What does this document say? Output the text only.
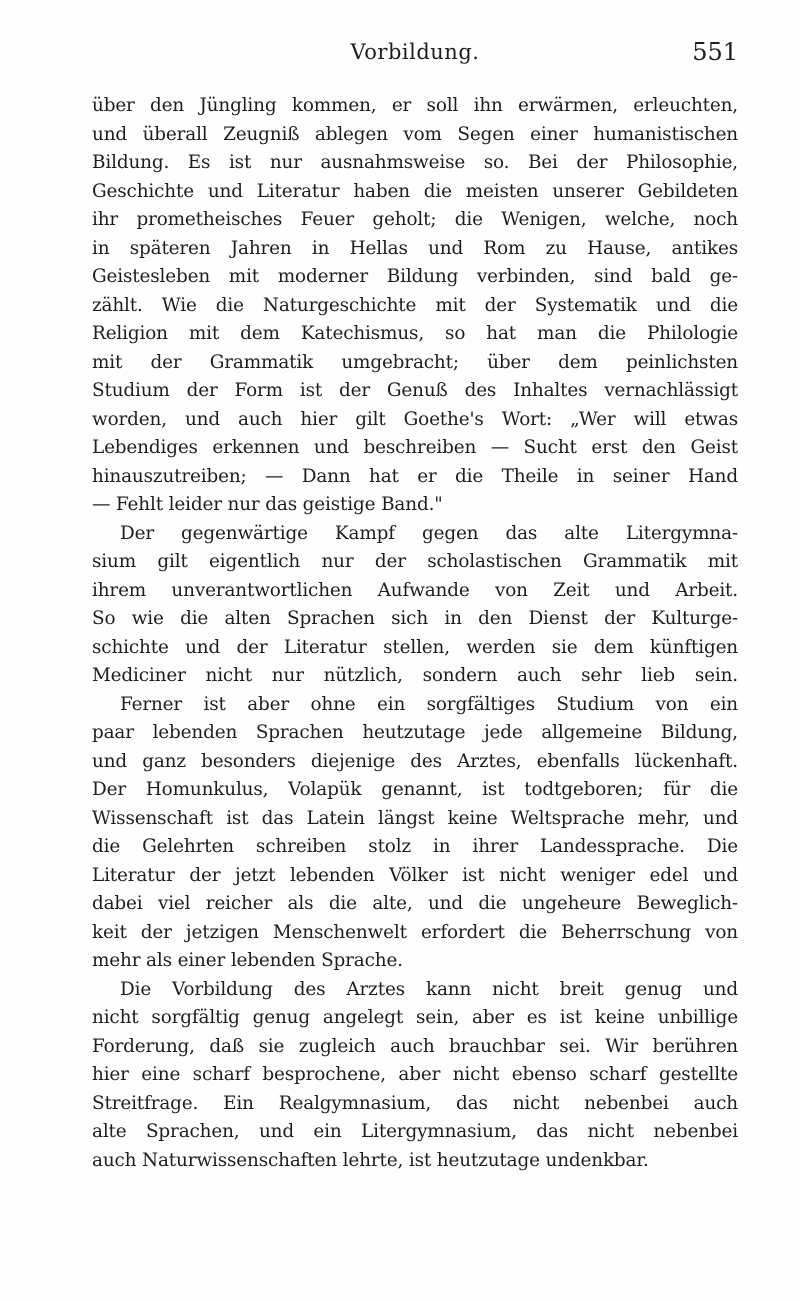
Vorbildung.	551
über den Jüngling kommen, er soll ihn erwärmen, erleuchten,
und überall Zeugniß ablegen vom Segen einer humanistischen
Bildung. Es ist nur ausnahmsweise so. Bei der Philosophie,
Geschichte und Literatur haben die meisten unserer Gebildeten
ihr prometheisches Feuer geholt; die Wenigen, welche, noch
in späteren Jahren in Hellas und Rom zu Hause, antikes
Geistesleben mit moderner Bildung verbinden, sind bald ge-
zählt. Wie die Naturgeschichte mit der Systematik und die
Religion mit dem Katechismus, so hat man die Philologie
mit der Grammatik umgebracht; über dem peinlichsten
Studium der Form ist der Genuß des Inhaltes vernachlässigt
worden, und auch hier gilt Goethe's Wort: „Wer will etwas
Lebendiges erkennen und beschreiben — Sucht erst den Geist
hinauszutreiben; — Dann hat er die Theile in seiner Hand
— Fehlt leider nur das geistige Band."
Der gegenwärtige Kampf gegen das alte Litergymna-
sium gilt eigentlich nur der scholastischen Grammatik mit
ihrem unverantwortlichen Aufwande von Zeit und Arbeit.
So wie die alten Sprachen sich in den Dienst der Kulturge-
schichte und der Literatur stellen, werden sie dem künftigen
Mediciner nicht nur nützlich, sondern auch sehr lieb sein.
Ferner ist aber ohne ein sorgfältiges Studium von ein
paar lebenden Sprachen heutzutage jede allgemeine Bildung,
und ganz besonders diejenige des Arztes, ebenfalls lückenhaft.
Der Homunkulus, Volapük genannt, ist todtgeboren; für die
Wissenschaft ist das Latein längst keine Weltsprache mehr, und
die Gelehrten schreiben stolz in ihrer Landessprache. Die
Literatur der jetzt lebenden Völker ist nicht weniger edel und
dabei viel reicher als die alte, und die ungeheure Beweglich-
keit der jetzigen Menschenwelt erfordert die Beherrschung von
mehr als einer lebenden Sprache.
Die Vorbildung des Arztes kann nicht breit genug und
nicht sorgfältig genug angelegt sein, aber es ist keine unbillige
Forderung, daß sie zugleich auch brauchbar sei. Wir berühren
hier eine scharf besprochene, aber nicht ebenso scharf gestellte
Streitfrage. Ein Realgymnasium, das nicht nebenbei auch
alte Sprachen, und ein Litergymnasium, das nicht nebenbei
auch Naturwissenschaften lehrte, ist heutzutage undenkbar.
